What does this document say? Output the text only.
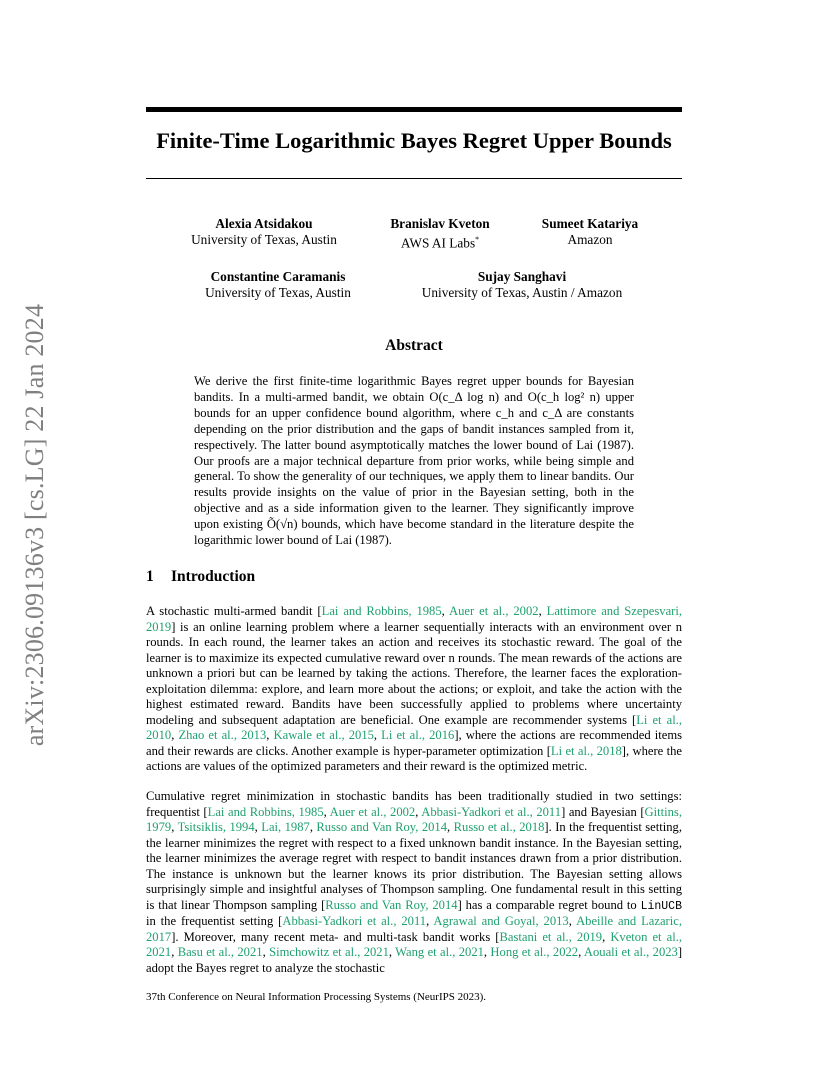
arXiv:2306.09136v3 [cs.LG] 22 Jan 2024
Finite-Time Logarithmic Bayes Regret Upper Bounds
Alexia Atsidakou
University of Texas, Austin
Branislav Kveton
AWS AI Labs*
Sumeet Katariya
Amazon
Constantine Caramanis
University of Texas, Austin
Sujay Sanghavi
University of Texas, Austin / Amazon
Abstract
We derive the first finite-time logarithmic Bayes regret upper bounds for Bayesian bandits. In a multi-armed bandit, we obtain O(c_Δ log n) and O(c_h log² n) upper bounds for an upper confidence bound algorithm, where c_h and c_Δ are constants depending on the prior distribution and the gaps of bandit instances sampled from it, respectively. The latter bound asymptotically matches the lower bound of Lai (1987). Our proofs are a major technical departure from prior works, while being simple and general. To show the generality of our techniques, we apply them to linear bandits. Our results provide insights on the value of prior in the Bayesian setting, both in the objective and as a side information given to the learner. They significantly improve upon existing Õ(√n) bounds, which have become standard in the literature despite the logarithmic lower bound of Lai (1987).
1 Introduction
A stochastic multi-armed bandit [Lai and Robbins, 1985, Auer et al., 2002, Lattimore and Szepesvari, 2019] is an online learning problem where a learner sequentially interacts with an environment over n rounds. In each round, the learner takes an action and receives its stochastic reward. The goal of the learner is to maximize its expected cumulative reward over n rounds. The mean rewards of the actions are unknown a priori but can be learned by taking the actions. Therefore, the learner faces the exploration-exploitation dilemma: explore, and learn more about the actions; or exploit, and take the action with the highest estimated reward. Bandits have been successfully applied to problems where uncertainty modeling and subsequent adaptation are beneficial. One example are recommender systems [Li et al., 2010, Zhao et al., 2013, Kawale et al., 2015, Li et al., 2016], where the actions are recommended items and their rewards are clicks. Another example is hyper-parameter optimization [Li et al., 2018], where the actions are values of the optimized parameters and their reward is the optimized metric.
Cumulative regret minimization in stochastic bandits has been traditionally studied in two settings: frequentist [Lai and Robbins, 1985, Auer et al., 2002, Abbasi-Yadkori et al., 2011] and Bayesian [Gittins, 1979, Tsitsiklis, 1994, Lai, 1987, Russo and Van Roy, 2014, Russo et al., 2018]. In the frequentist setting, the learner minimizes the regret with respect to a fixed unknown bandit instance. In the Bayesian setting, the learner minimizes the average regret with respect to bandit instances drawn from a prior distribution. The instance is unknown but the learner knows its prior distribution. The Bayesian setting allows surprisingly simple and insightful analyses of Thompson sampling. One fundamental result in this setting is that linear Thompson sampling [Russo and Van Roy, 2014] has a comparable regret bound to LinUCB in the frequentist setting [Abbasi-Yadkori et al., 2011, Agrawal and Goyal, 2013, Abeille and Lazaric, 2017]. Moreover, many recent meta- and multi-task bandit works [Bastani et al., 2019, Kveton et al., 2021, Basu et al., 2021, Simchowitz et al., 2021, Wang et al., 2021, Hong et al., 2022, Aouali et al., 2023] adopt the Bayes regret to analyze the stochastic
37th Conference on Neural Information Processing Systems (NeurIPS 2023).
